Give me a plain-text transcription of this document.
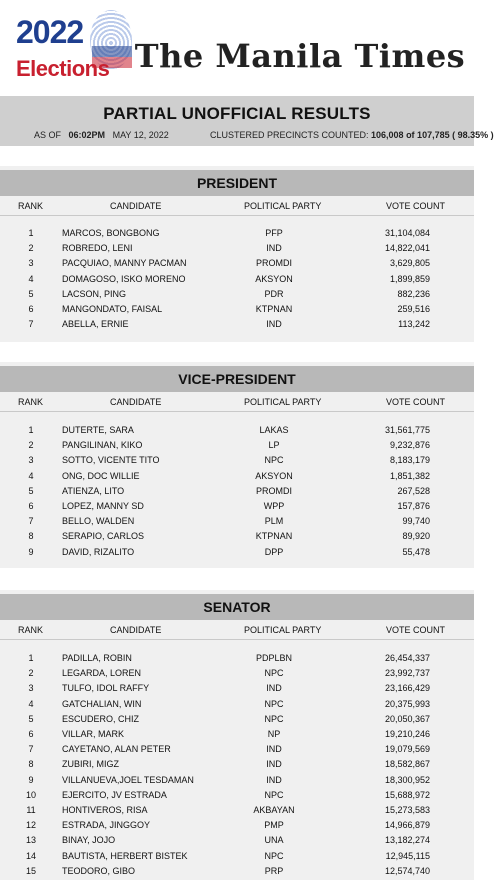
2022
Elections The Manila Times
PARTIAL UNOFFICIAL RESULTS
AS OF 06:02PM MAY 12, 2022	CLUSTERED PRECINCTS COUNTED: 106,008 of 107,785 ( 98.35% )
PRESIDENT
RANK	CANDIDATE	POLITICAL PARTY	VOTE COUNT
1	MARCOS, BONGBONG	PFP	31,104,084
2	ROBREDO, LENI	IND	14,822,041
3	PACQUIAO, MANNY PACMAN	PROMDI	3,629,805
4	DOMAGOSO, ISKO MORENO	AKSYON	1,899,859
5	LACSON, PING	PDR	882,236
6	MANGONDATO, FAISAL	KTPNAN	259,516
7	ABELLA, ERNIE	IND	113,242
VICE-PRESIDENT
RANK	CANDIDATE	POLITICAL PARTY	VOTE COUNT
1	DUTERTE, SARA	LAKAS	31,561,775
2	PANGILINAN, KIKO	LP	9,232,876
3	SOTTO, VICENTE TITO	NPC	8,183,179
4	ONG, DOC WILLIE	AKSYON	1,851,382
5	ATIENZA, LITO	PROMDI	267,528
6	LOPEZ, MANNY SD	WPP	157,876
7	BELLO, WALDEN	PLM	99,740
8	SERAPIO, CARLOS	KTPNAN	89,920
9	DAVID, RIZALITO	DPP	55,478
SENATOR
RANK	CANDIDATE	POLITICAL PARTY	VOTE COUNT
1	PADILLA, ROBIN	PDPLBN	26,454,337
2	LEGARDA, LOREN	NPC	23,992,737
3	TULFO, IDOL RAFFY	IND	23,166,429
4	GATCHALIAN, WIN	NPC	20,375,993
5	ESCUDERO, CHIZ	NPC	20,050,367
6	VILLAR, MARK	NP	19,210,246
7	CAYETANO, ALAN PETER	IND	19,079,569
8	ZUBIRI, MIGZ	IND	18,582,867
9	VILLANUEVA,JOEL TESDAMAN	IND	18,300,952
10	EJERCITO, JV ESTRADA	NPC	15,688,972
11	HONTIVEROS, RISA	AKBAYAN	15,273,583
12	ESTRADA, JINGGOY	PMP	14,966,879
13	BINAY, JOJO	UNA	13,182,274
14	BAUTISTA, HERBERT BISTEK	NPC	12,945,115
15	TEODORO, GIBO	PRP	12,574,740
